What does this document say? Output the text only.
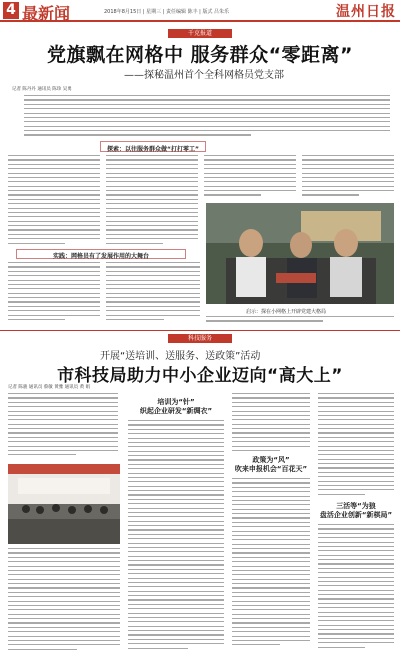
4 最新闻	2018年8月15日 | 星期三 | 责任编辑 陈丰 | 版式 吕朱乐	温州日报
千克报道
党旗飘在网格中 服务群众“零距离”
——探秘温州首个全科网格员党支部
记者 陈丹丹 通讯员 陈珍 吴勇
探索：以往服务群众做“打打零工”
实践：网格员有了发展作用的大舞台
启示：探在小网格上开辟党建大格局
科技服务
开展“送培训、送服务、送政策”活动
市科技局助力中小企业迈向“高大上”
记者 陈骏 通讯员 蔡敏 黄雅 通讯员 黄 娟
培训为“针”
织起企业研发“新绸衣”
政策为“风”
吹来申报机会“百花天”
三活等“为狼
盘活企业创新“新棋局”
